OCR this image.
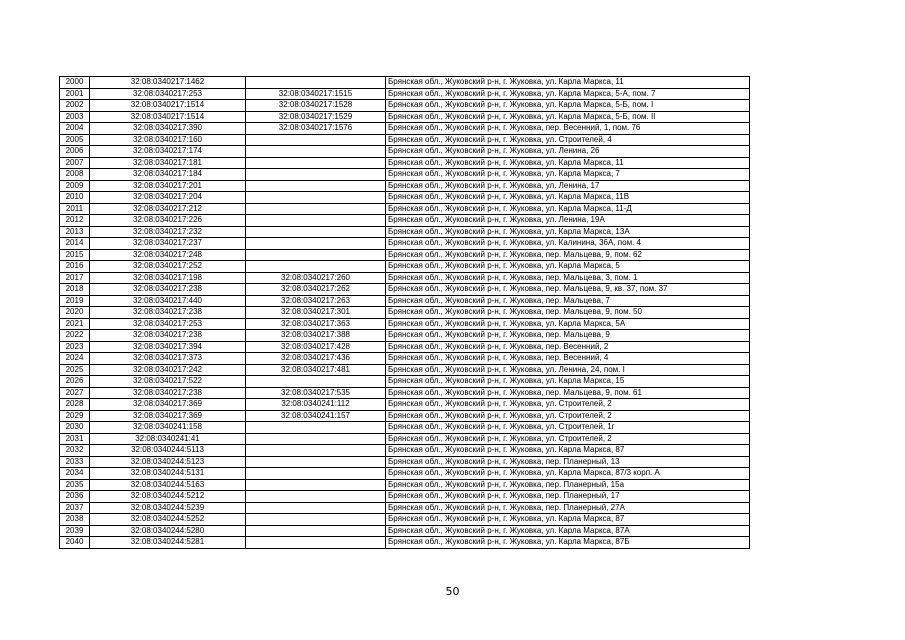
2000	32:08:0340217:1462		Брянская обл., Жуковский р-н, г. Жуковка, ул. Карла Маркса, 11
2001	32:08:0340217:253	32:08:0340217:1515	Брянская обл., Жуковский р-н, г. Жуковка, ул. Карла Маркса, 5-А, пом. 7
2002	32:08:0340217:1514	32:08:0340217:1528	Брянская обл., Жуковский р-н, г. Жуковка, ул. Карла Маркса, 5-Б, пом. I
2003	32:08:0340217:1514	32:08:0340217:1529	Брянская обл., Жуковский р-н, г. Жуковка, ул. Карла Маркса, 5-Б, пом. II
2004	32:08:0340217:390	32:08:0340217:1576	Брянская обл., Жуковский р-н, г. Жуковка, пер. Весенний, 1, пом. 76
2005	32:08:0340217:160		Брянская обл., Жуковский р-н, г. Жуковка, ул. Строителей, 4
2006	32:08:0340217:174		Брянская обл., Жуковский р-н, г. Жуковка, ул. Ленина, 26
2007	32:08:0340217:181		Брянская обл., Жуковский р-н, г. Жуковка, ул. Карла Маркса, 11
2008	32:08:0340217:184		Брянская обл., Жуковский р-н, г. Жуковка, ул. Карла Маркса, 7
2009	32:08:0340217:201		Брянская обл., Жуковский р-н, г. Жуковка, ул. Ленина, 17
2010	32:08:0340217:204		Брянская обл., Жуковский р-н, г. Жуковка, ул. Карла Маркса, 11В
2011	32:08:0340217:212		Брянская обл., Жуковский р-н, г. Жуковка, ул. Карла Маркса, 11-Д
2012	32:08:0340217:226		Брянская обл., Жуковский р-н, г. Жуковка, ул. Ленина, 19А
2013	32:08:0340217:232		Брянская обл., Жуковский р-н, г. Жуковка, ул. Карла Маркса, 13А
2014	32:08:0340217:237		Брянская обл., Жуковский р-н, г. Жуковка, ул. Калинина, 36А, пом. 4
2015	32:08:0340217:248		Брянская обл., Жуковский р-н, г. Жуковка, пер. Мальцева, 9, пом. 62
2016	32:08:0340217:252		Брянская обл., Жуковский р-н, г. Жуковка, ул. Карла Маркса, 5
2017	32:08:0340217:198	32:08:0340217:260	Брянская обл., Жуковский р-н, г. Жуковка, пер. Мальцева, 3, пом. 1
2018	32:08:0340217:238	32:08:0340217:262	Брянская обл., Жуковский р-н, г. Жуковка, пер. Мальцева, 9, кв. 37, пом. 37
2019	32:08:0340217:440	32:08:0340217:263	Брянская обл., Жуковский р-н, г. Жуковка, пер. Мальцева, 7
2020	32:08:0340217:238	32:08:0340217:301	Брянская обл., Жуковский р-н, г. Жуковка, пер. Мальцева, 9, пом. 50
2021	32:08:0340217:253	32:08:0340217:363	Брянская обл., Жуковский р-н, г. Жуковка, ул. Карла Маркса, 5А
2022	32:08:0340217:238	32:08:0340217:388	Брянская обл., Жуковский р-н, г. Жуковка, пер. Мальцева, 9
2023	32:08:0340217:394	32:08:0340217:428	Брянская обл., Жуковский р-н, г. Жуковка, пер. Весенний, 2
2024	32:08:0340217:373	32:08:0340217:436	Брянская обл., Жуковский р-н, г. Жуковка, пер. Весенний, 4
2025	32:08:0340217:242	32:08:0340217:481	Брянская обл., Жуковский р-н, г. Жуковка, ул. Ленина, 24, пом. I
2026	32:08:0340217:522		Брянская обл., Жуковский р-н, г. Жуковка, ул. Карла Маркса, 15
2027	32:08:0340217:238	32:08:0340217:535	Брянская обл., Жуковский р-н, г. Жуковка, пер. Мальцева, 9, пом. 61
2028	32:08:0340217:369	32:08:0340241:112	Брянская обл., Жуковский р-н, г. Жуковка, ул. Строителей, 2
2029	32:08:0340217:369	32:08:0340241:157	Брянская обл., Жуковский р-н, г. Жуковка, ул. Строителей, 2
2030	32:08:0340241:158		Брянская обл., Жуковский р-н, г. Жуковка, ул. Строителей, 1г
2031	32:08:0340241:41		Брянская обл., Жуковский р-н, г. Жуковка, ул. Строителей, 2
2032	32:08:0340244:5113		Брянская обл., Жуковский р-н, г. Жуковка, ул. Карла Маркса, 87
2033	32:08:0340244:5123		Брянская обл., Жуковский р-н, г. Жуковка, пер. Планерный, 13
2034	32:08:0340244:5131		Брянская обл., Жуковский р-н, г. Жуковка, ул. Карла Маркса, 87/3 корп. А
2035	32:08:0340244:5163		Брянская обл., Жуковский р-н, г. Жуковка, пер. Планерный, 15а
2036	32:08:0340244:5212		Брянская обл., Жуковский р-н, г. Жуковка, пер. Планерный, 17
2037	32:08:0340244:5239		Брянская обл., Жуковский р-н, г. Жуковка, пер. Планерный, 27А
2038	32:08:0340244:5252		Брянская обл., Жуковский р-н, г. Жуковка, ул. Карла Маркса, 87
2039	32:08:0340244:5280		Брянская обл., Жуковский р-н, г. Жуковка, ул. Карла Маркса, 87А
2040	32:08:0340244:5281		Брянская обл., Жуковский р-н, г. Жуковка, ул. Карла Маркса, 87Б
50
